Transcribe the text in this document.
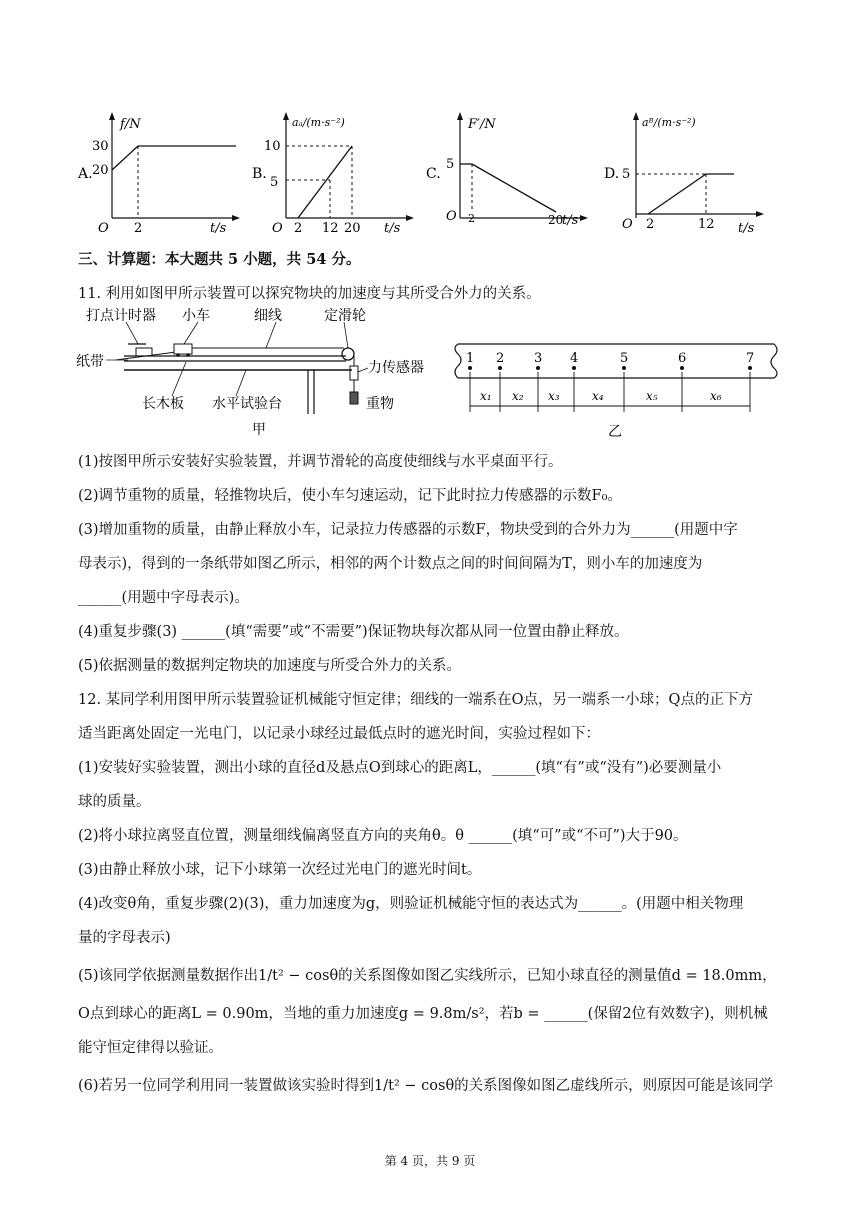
A.
f/N
t/s
O
30
20
2
B.
aₐ/(m·s⁻²)
t/s
O
10
5
2 12 20
C.
F′/N
t/s
O
5
2	20
D.
aᴮ/(m·s⁻²)
t/s
O
5
2	12
三、计算题：本大题共 5 小题，共 54 分。
11. 利用如图甲所示装置可以探究物块的加速度与其所受合外力的关系。
打点计时器 小车	细线	定滑轮
纸带	力传感器
长木板 水平试验台	重物
甲
1 2 3 4	5	6	7
x₁ x₂ x₃	x₄	x₅	x₆
乙
(1)按图甲所示安装好实验装置，并调节滑轮的高度使细线与水平桌面平行。
(2)调节重物的质量，轻推物块后，使小车匀速运动，记下此时拉力传感器的示数F₀。
(3)增加重物的质量，由静止释放小车，记录拉力传感器的示数F，物块受到的合外力为______(用题中字
母表示)，得到的一条纸带如图乙所示，相邻的两个计数点之间的时间间隔为T，则小车的加速度为
______(用题中字母表示)。
(4)重复步骤(3) ______(填“需要”或“不需要”)保证物块每次都从同一位置由静止释放。
(5)依据测量的数据判定物块的加速度与所受合外力的关系。
12. 某同学利用图甲所示装置验证机械能守恒定律；细线的一端系在O点，另一端系一小球；Q点的正下方
适当距离处固定一光电门，以记录小球经过最低点时的遮光时间，实验过程如下：
(1)安装好实验装置，测出小球的直径d及悬点O到球心的距离L，______(填“有”或“没有”)必要测量小
球的质量。
(2)将小球拉离竖直位置，测量细线偏离竖直方向的夹角θ。θ ______(填“可”或“不可”)大于90。
(3)由静止释放小球，记下小球第一次经过光电门的遮光时间t。
(4)改变θ角，重复步骤(2)(3)，重力加速度为g，则验证机械能守恒的表达式为______。(用题中相关物理
量的字母表示)
(5)该同学依据测量数据作出1/t² − cosθ的关系图像如图乙实线所示，已知小球直径的测量值d = 18.0mm，
O点到球心的距离L = 0.90m，当地的重力加速度g = 9.8m/s²，若b = ______(保留2位有效数字)，则机械
能守恒定律得以验证。
(6)若另一位同学利用同一装置做该实验时得到1/t² − cosθ的关系图像如图乙虚线所示，则原因可能是该同学
第 4 页，共 9 页
